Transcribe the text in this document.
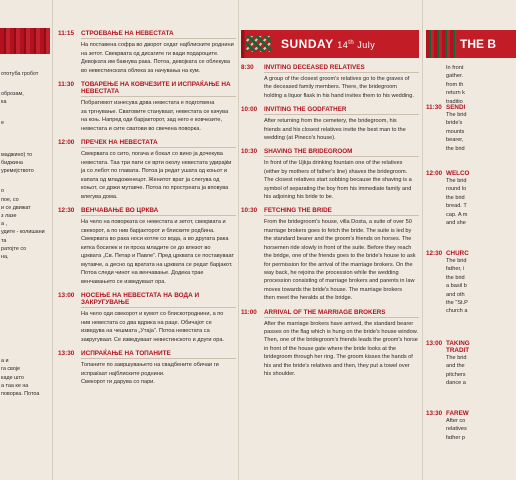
ототуба гробот
оброзам,
ка
е
маджино) то
биджина
уремејството
о
пое, со
и се движат
з лазе
а ,
удите - колишани
та
ратојте со
на,
а и
га своје
кадe што
а таа ке на
поворка. Потоа
11:15	СТРОЕВАЊЕ НА НЕВЕСТАТА
На поставена софра во дворот седат најблиските роднини
на зетот. Свекрвата од дисагите ги вади подароците.
Девојката им бакнува рака. Потоа, девојката се облекува
во невестинската облека за начувања на кум.
11:30	ТОВАРЕЊЕ НА КОВЧЕЗИТЕ И ИСПРАЌАЊЕ НА НЕВЕСТАТА
Побратимот изнесува дрва невестата е подготвена
за тргнување. Сватовите стануваат, невестата се качува
на коњ. Напред оди барјакторот, зад него е ковчезите,
невестата и сите сватови во свечена поворка.
12:00 ПРЕЧЕК НА НЕВЕСТАТА
Свекрвата со сито, погача и бокал со вино ја дочекува
невестата. Таа три пати се врти околу невестата удирајќи
ја со лебот по главата. Потоа ја редат ушата од коњот и
капата од младоженецот. Женитот врат ја слегува од
коњот, се држи мутавче. Потоа по простреата ја вповува
влегува дома.
12:30 ВЕНЧАВАЊЕ ВО ЦРКВА
На чело на поворката се невестата и зетот, свекрвата и
свекорот, а по нив барјакторот и блиските родбина.
Свекрвата во рака носи котле со вода, а во другата рака
китка босилек и ги прска младите се до влезот во
црквата „Св. Петар и Павле“. Пред црквата се поставуваат
мутавче, а десно од вратата на црквата се редат барјакот.
Потоа следи чинот на венчавање. Додека трае
венчавањето се изведуваат ора.
13:00 НОСЕЊЕ НА НЕВЕСТАТА НА ВОДА И ЗАКРУГУВАЊЕ
На чело оди свекорот и кумот со блискотроднини, а по
нив невестата со два вдрика на раце. Обичајот се
изведува на чешмата „Утаја“. Потоа невестата са
закругуваат. Се изведуваат невестинското и други ора.
13:30 ИСПРАЌАЊЕ НА ТОПАНИТЕ
Топаните по завршувањето на свадбените обичаи ги
испраќаат најблиските роднини.
Свекорот ги дарува со пари.
SUNDAY 14th July
8:30	INVITING DECEASED RELATIVES
A group of the closest groom's relatives go to the graves of
the deceased family members. There, the bridegroom
holding a liquor flask in his hand invites them to his wedding.
10:00	INVITING THE GODFATHER
After returning from the cemetery, the bridegroom, his
friends and his closest relatives invite the best man to the
wedding (at Pineco's house).
10:30	SHAVING THE BRIDEGROOM
In front of the Ujkja drinking fountain one of the relatives
(either by mothers of father's line) shaves the bridegroom.
The closest relatives start sobbing because the shaving is a
symbol of separating the boy from his immediate family and
his adjoining his bride to be.
10:30	FETCHING THE BRIDE
From the bridegroom's house, villa Dosta, a suite of over 50
marriage brokers goes to fetch the bride. The suite is led by
the standard bearer and the groom's friends on horses. The
horsemen ride slowly in front of the suite. Before they reach
the bridge, one of the friends goes to the bride's house to ask
for permission for the arrival of the marriage brokers. On the
way back, he rejoins the procession while the wedding
procession consisting of marriage brokers and parents in law
moves towards the bride's house. The marriage brokers
then meet the heralds at the bridge.
11:00	ARRIVAL OF THE MARRIAGE BROKERS
After the marriage brokers have arrived, the standard bearer
passes on the flag which is hung on the bride's house window.
Then, one of the bridegroom's friends leads the groom's horse
in front of the house gate where the bride looks at the
bridegroom through her ring. The groom kisses the hands of
his and the bride's relatives and then, they put a towel over
his shoulder.
THE B
In front
gather.
from th
return k
traditio
11:30 SENDI
The brid
bride's
mounts
bearer,
the brid
12:00 WELCO
The brid
round lo
the brid
bread. T
cap. A m
and she
12:30 CHURC
The brid
father, i
the brid
a basil b
and oth
the "St.P
church a
13:00 TAKING
TRADIT
The brid
and the
pitchers
dance a
13:30 FAREW
After co
relatives
father p
